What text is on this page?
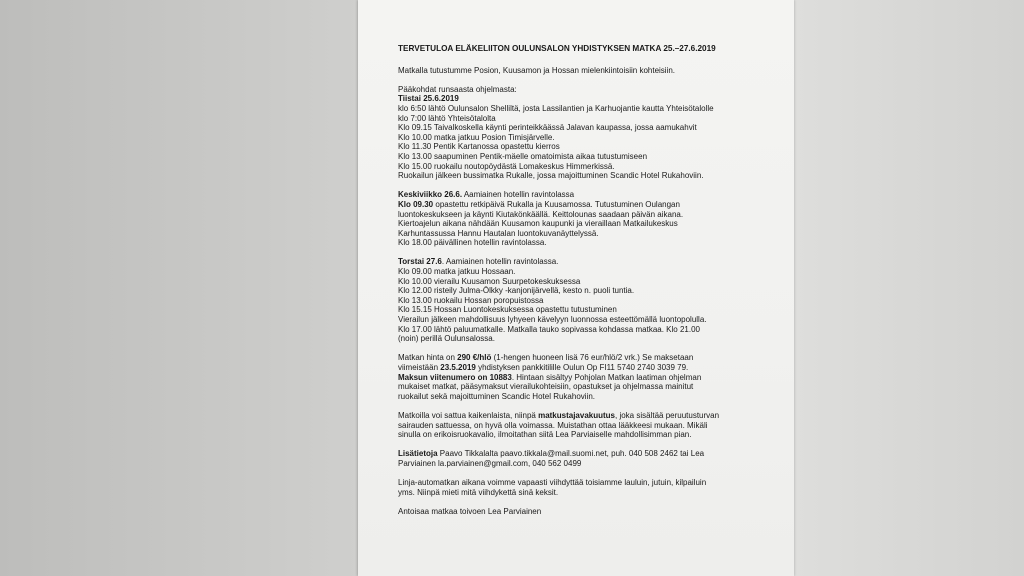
TERVETULOA ELÄKELIITON OULUNSALON YHDISTYKSEN MATKA 25.–27.6.2019
Matkalla tutustumme Posion, Kuusamon ja Hossan mielenkiintoisiin kohteisiin.
Pääkohdat runsaasta ohjelmasta:
Tiistai 25.6.2019
klo 6:50 lähtö Oulunsalon Shelliltä, josta Lassilantien ja Karhuojantie kautta Yhteisötalolle
klo 7:00 lähtö Yhteisötalolta
Klo 09.15 Taivalkoskella käynti perinteikkäässä Jalavan kaupassa, jossa aamukahvit
Klo 10.00 matka jatkuu Posion Timisjärvelle.
Klo 11.30 Pentik Kartanossa opastettu kierros
Klo 13.00 saapuminen Pentik-mäelle omatoimista aikaa tutustumiseen
Klo 15.00 ruokailu noutopöydästä Lomakeskus Himmerkissä.
Ruokailun jälkeen bussimatka Rukalle, jossa majoittuminen Scandic Hotel Rukahoviin.
Keskiviikko 26.6. Aamiainen hotellin ravintolassa
Klo 09.30 opastettu retkipäivä Rukalla ja Kuusamossa. Tutustuminen Oulangan
luontokeskukseen ja käynti Kiutakönkäällä. Keittolounas saadaan päivän aikana.
Kiertoajelun aikana nähdään Kuusamon kaupunki ja vieraillaan Matkailukeskus
Karhuntassussa Hannu Hautalan luontokuvanäyttelyssä.
Klo 18.00 päivällinen hotellin ravintolassa.
Torstai 27.6. Aamiainen hotellin ravintolassa.
Klo 09.00 matka jatkuu Hossaan.
Klo 10.00 vierailu Kuusamon Suurpetokeskuksessa
Klo 12.00 risteily Julma-Ölkky -kanjonijärvellä, kesto n. puoli tuntia.
Klo 13.00 ruokailu Hossan poropuistossa
Klo 15.15 Hossan Luontokeskuksessa opastettu tutustuminen
Vierailun jälkeen mahdollisuus lyhyeen kävelyyn luonnossa esteettömällä luontopolulla.
Klo 17.00 lähtö paluumatkalle. Matkalla tauko sopivassa kohdassa matkaa. Klo 21.00
(noin) perillä Oulunsalossa.
Matkan hinta on 290 €/hlö (1-hengen huoneen lisä 76 eur/hlö/2 vrk.) Se maksetaan
viimeistään 23.5.2019 yhdistyksen pankkitilille Oulun Op FI11 5740 2740 3039 79.
Maksun viitenumero on 10883. Hintaan sisältyy Pohjolan Matkan laatiman ohjelman
mukaiset matkat, pääsymaksut vierailukohteisiin, opastukset ja ohjelmassa mainitut
ruokailut sekä majoittuminen Scandic Hotel Rukahoviin.
Matkoilla voi sattua kaikenlaista, niinpä matkustajavakuutus, joka sisältää peruutusturvan
sairauden sattuessa, on hyvä olla voimassa. Muistathan ottaa lääkkeesi mukaan. Mikäli
sinulla on erikoisruokavalio, ilmoitathan siitä Lea Parviaiselle mahdollisimman pian.
Lisätietoja Paavo Tikkalalta paavo.tikkala@mail.suomi.net, puh. 040 508 2462 tai Lea
Parviainen la.parviainen@gmail.com, 040 562 0499
Linja-automatkan aikana voimme vapaasti viihdyttää toisiamme lauluin, jutuin, kilpailuin
yms. Niinpä mieti mitä viihdykettä sinä keksit.
Antoisaa matkaa toivoen Lea Parviainen
